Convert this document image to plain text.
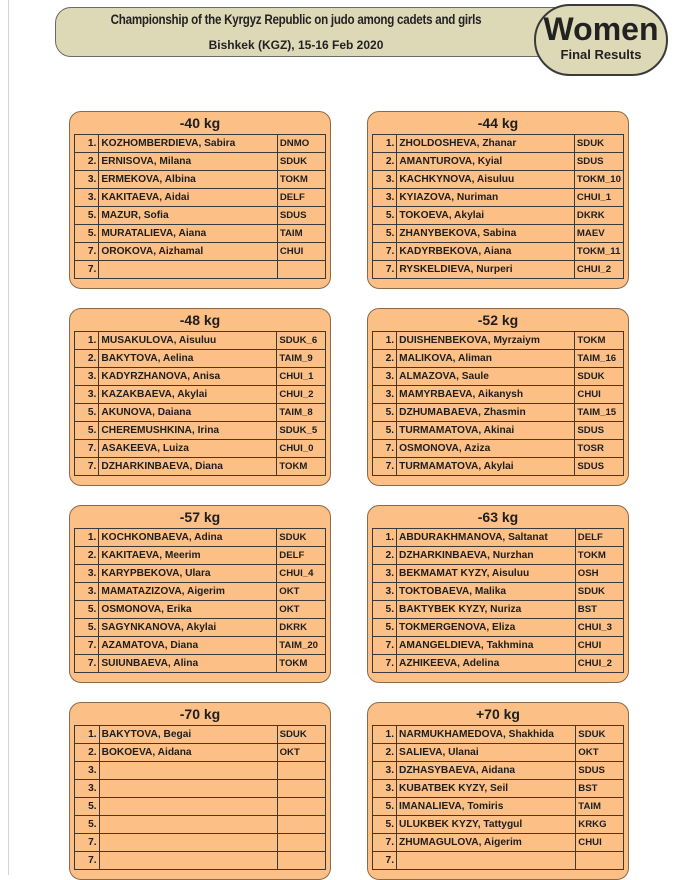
Championship of the Kyrgyz Republic on judo among cadets and girls
Bishkek (KGZ), 15-16 Feb 2020	Women
Final Results
-40 kg
1.	KOZHOMBERDIEVA, Sabira	DNMO
2.	ERNISOVA, Milana	SDUK
3.	ERMEKOVA, Albina	TOKM
3.	KAKITAEVA, Aidai	DELF
5.	MAZUR, Sofia	SDUS
5.	MURATALIEVA, Aiana	TAIM
7.	OROKOVA, Aizhamal	CHUI
7.		
-44 kg
1.	ZHOLDOSHEVA, Zhanar	SDUK
2.	AMANTUROVA, Kyial	SDUS
3.	KACHKYNOVA, Aisuluu	TOKM_10
3.	KYIAZOVA, Nuriman	CHUI_1
5.	TOKOEVA, Akylai	DKRK
5.	ZHANYBEKOVA, Sabina	MAEV
7.	KADYRBEKOVA, Aiana	TOKM_11
7.	RYSKELDIEVA, Nurperi	CHUI_2
-48 kg
1.	MUSAKULOVA, Aisuluu	SDUK_6
2.	BAKYTOVA, Aelina	TAIM_9
3.	KADYRZHANOVA, Anisa	CHUI_1
3.	KAZAKBAEVA, Akylai	CHUI_2
5.	AKUNOVA, Daiana	TAIM_8
5.	CHEREMUSHKINA, Irina	SDUK_5
7.	ASAKEEVA, Luiza	CHUI_0
7.	DZHARKINBAEVA, Diana	TOKM
-52 kg
1.	DUISHENBEKOVA, Myrzaiym	TOKM
2.	MALIKOVA, Aliman	TAIM_16
3.	ALMAZOVA, Saule	SDUK
3.	MAMYRBAEVA, Aikanysh	CHUI
5.	DZHUMABAEVA, Zhasmin	TAIM_15
5.	TURMAMATOVA, Akinai	SDUS
7.	OSMONOVA, Aziza	TOSR
7.	TURMAMATOVA, Akylai	SDUS
-57 kg
1.	KOCHKONBAEVA, Adina	SDUK
2.	KAKITAEVA, Meerim	DELF
3.	KARYPBEKOVA, Ulara	CHUI_4
3.	MAMATAZIZOVA, Aigerim	OKT
5.	OSMONOVA, Erika	OKT
5.	SAGYNKANOVA, Akylai	DKRK
7.	AZAMATOVA, Diana	TAIM_20
7.	SUIUNBAEVA, Alina	TOKM
-63 kg
1.	ABDURAKHMANOVA, Saltanat	DELF
2.	DZHARKINBAEVA, Nurzhan	TOKM
3.	BEKMAMAT KYZY, Aisuluu	OSH
3.	TOKTOBAEVA, Malika	SDUK
5.	BAKTYBEK KYZY, Nuriza	BST
5.	TOKMERGENOVA, Eliza	CHUI_3
7.	AMANGELDIEVA, Takhmina	CHUI
7.	AZHIKEEVA, Adelina	CHUI_2
-70 kg
1.	BAKYTOVA, Begai	SDUK
2.	BOKOEVA, Aidana	OKT
3.		
3.		
5.		
5.		
7.		
7.		
+70 kg
1.	NARMUKHAMEDOVA, Shakhida	SDUK
2.	SALIEVA, Ulanai	OKT
3.	DZHASYBAEVA, Aidana	SDUS
3.	KUBATBEK KYZY, Seil	BST
5.	IMANALIEVA, Tomiris	TAIM
5.	ULUKBEK KYZY, Tattygul	KRKG
7.	ZHUMAGULOVA, Aigerim	CHUI
7.		
